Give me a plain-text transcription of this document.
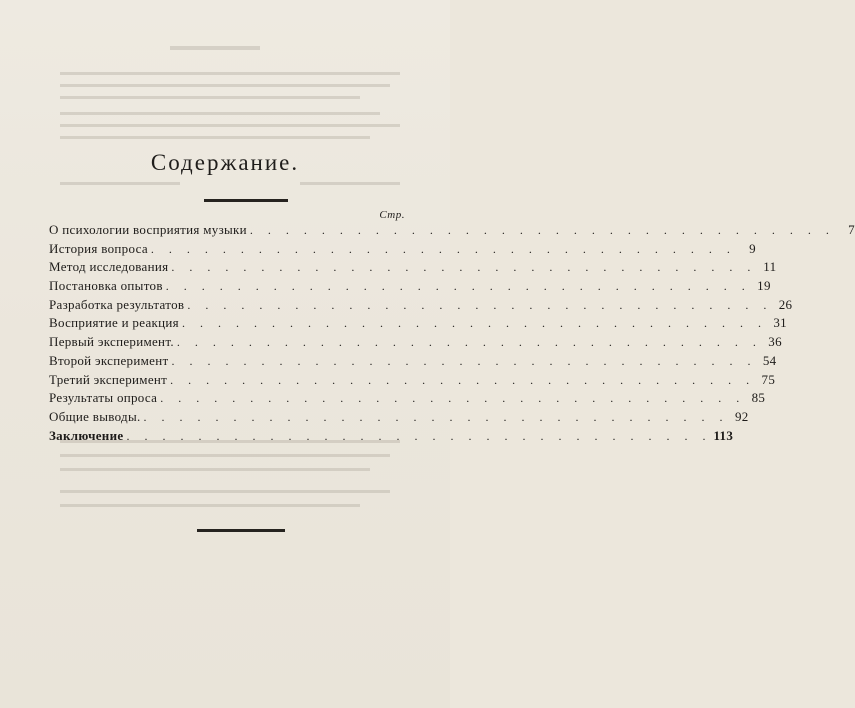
Содержание.
Стр.
О психологии восприятия музыки . . . . . . . . . . . . . . . . . . . . . . . . . . . . . . . . .	7
История вопроса . . . . . . . . . . . . . . . . . . . . . . . . . . . . . . . . .	9
Метод исследования . . . . . . . . . . . . . . . . . . . . . . . . . . . . . . . . . 11
Постановка опытов . . . . . . . . . . . . . . . . . . . . . . . . . . . . . . . . . 19
Разработка результатов . . . . . . . . . . . . . . . . . . . . . . . . . . . . . . . . . 26
Восприятие и реакция . . . . . . . . . . . . . . . . . . . . . . . . . . . . . . . . . 31
Первый эксперимент. . . . . . . . . . . . . . . . . . . . . . . . . . . . . . . . . . 36
Второй эксперимент . . . . . . . . . . . . . . . . . . . . . . . . . . . . . . . . . 54
Третий эксперимент . . . . . . . . . . . . . . . . . . . . . . . . . . . . . . . . . 75
Результаты опроса . . . . . . . . . . . . . . . . . . . . . . . . . . . . . . . . . 85
Общие выводы. . . . . . . . . . . . . . . . . . . . . . . . . . . . . . . . . . 92
Заключение . . . . . . . . . . . . . . . . . . . . . . . . . . . . . . . . . 113
